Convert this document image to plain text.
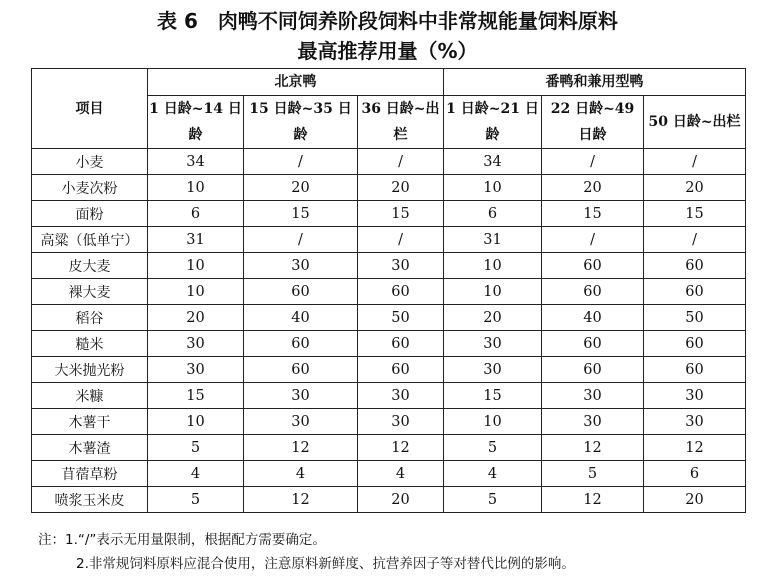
表 6　肉鸭不同饲养阶段饲料中非常规能量饲料原料
最高推荐用量（%）
项目	北京鸭			番鸭和兼用型鸭		
	1 日龄~14 日龄	15 日龄~35 日龄	36 日龄~出栏	1 日龄~21 日龄	22 日龄~49 日龄	50 日龄~出栏
小麦	34	/	/	34	/	/
小麦次粉	10	20	20	10	20	20
面粉	6	15	15	6	15	15
高粱（低单宁）	31	/	/	31	/	/
皮大麦	10	30	30	10	60	60
裸大麦	10	60	60	10	60	60
稻谷	20	40	50	20	40	50
糙米	30	60	60	30	60	60
大米抛光粉	30	60	60	30	60	60
米糠	15	30	30	15	30	30
木薯干	10	30	30	10	30	30
木薯渣	5	12	12	5	12	12
苜蓿草粉	4	4	4	4	5	6
喷浆玉米皮	5	12	20	5	12	20
注：1.“/”表示无用量限制，根据配方需要确定。
2.非常规饲料原料应混合使用，注意原料新鲜度、抗营养因子等对替代比例的影响。
